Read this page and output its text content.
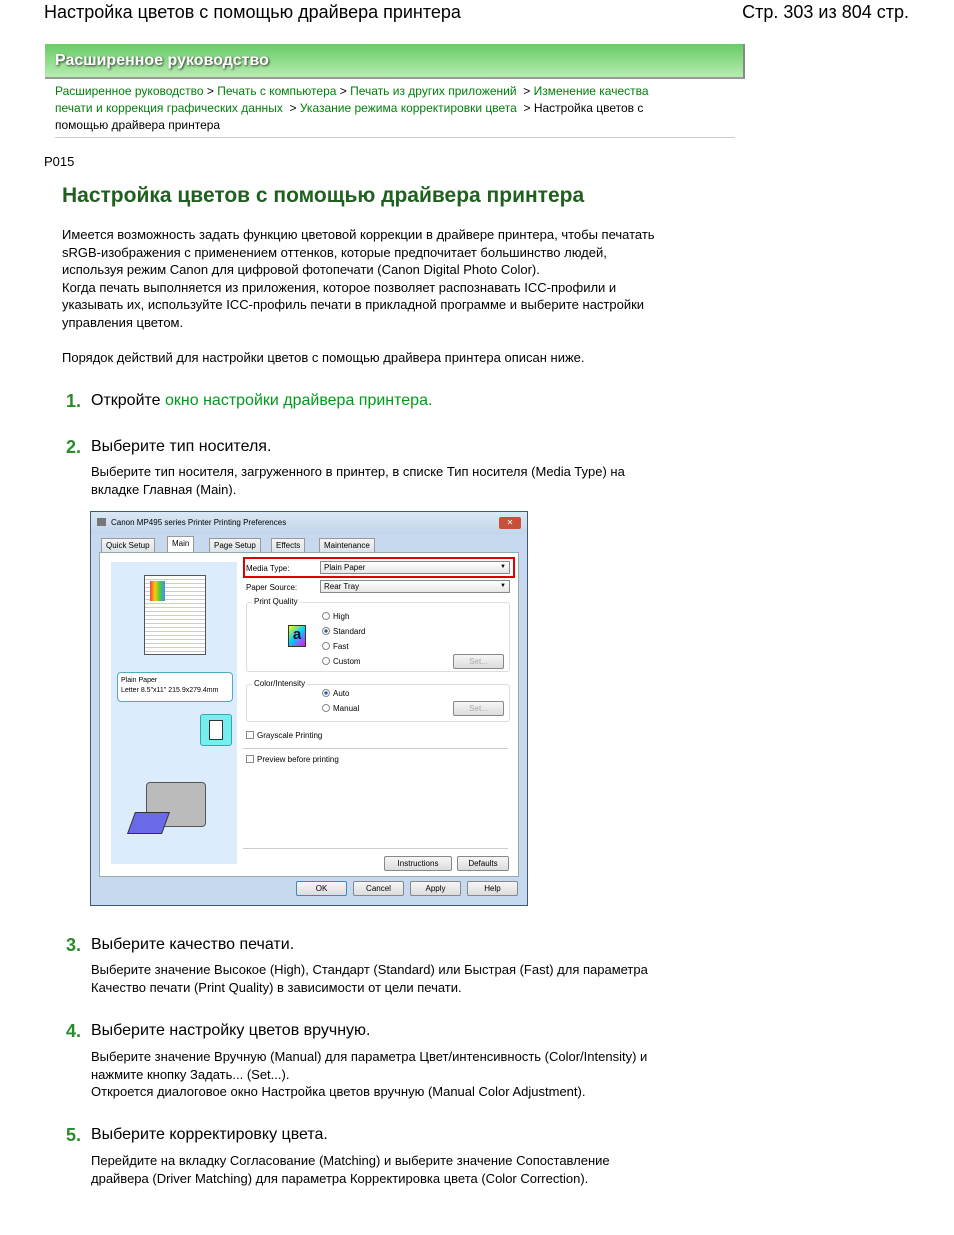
Настройка цветов с помощью драйвера принтера	Стр. 303 из 804 стр.
Расширенное руководство
Расширенное руководство > Печать с компьютера > Печать из других приложений > Изменение качества
печати и коррекция графических данных > Указание режима корректировки цвета > Настройка цветов с
помощью драйвера принтера
P015
Настройка цветов с помощью драйвера принтера
Имеется возможность задать функцию цветовой коррекции в драйвере принтера, чтобы печатать
sRGB-изображения с применением оттенков, которые предпочитает большинство людей,
используя режим Canon для цифровой фотопечати (Canon Digital Photo Color).
Когда печать выполняется из приложения, которое позволяет распознавать ICC-профили и
указывать их, используйте ICC-профиль печати в прикладной программе и выберите настройки
управления цветом.
Порядок действий для настройки цветов с помощью драйвера принтера описан ниже.
1. Откройте окно настройки драйвера принтера.
2. Выберите тип носителя.
Выберите тип носителя, загруженного в принтер, в списке Тип носителя (Media Type) на
вкладке Главная (Main).
Canon MP495 series Printer Printing Preferences	✕
Quick Setup	Main	Page Setup	Effects	Maintenance
Plain Paper
Letter 8.5"x11" 215.9x279.4mm
Media Type:	Plain Paper	▼
Paper Source:	Rear Tray	▼
Print Quality
a
High
Standard
Fast
Custom	Set...
Color/Intensity
Auto
Manual	Set...
Grayscale Printing
Preview before printing
Instructions	Defaults
OK	Cancel	Apply	Help
3. Выберите качество печати.
Выберите значение Высокое (High), Стандарт (Standard) или Быстрая (Fast) для параметра
Качество печати (Print Quality) в зависимости от цели печати.
4. Выберите настройку цветов вручную.
Выберите значение Вручную (Manual) для параметра Цвет/интенсивность (Color/Intensity) и
нажмите кнопку Задать... (Set...).
Откроется диалоговое окно Настройка цветов вручную (Manual Color Adjustment).
5. Выберите корректировку цвета.
Перейдите на вкладку Согласование (Matching) и выберите значение Сопоставление
драйвера (Driver Matching) для параметра Корректировка цвета (Color Correction).
